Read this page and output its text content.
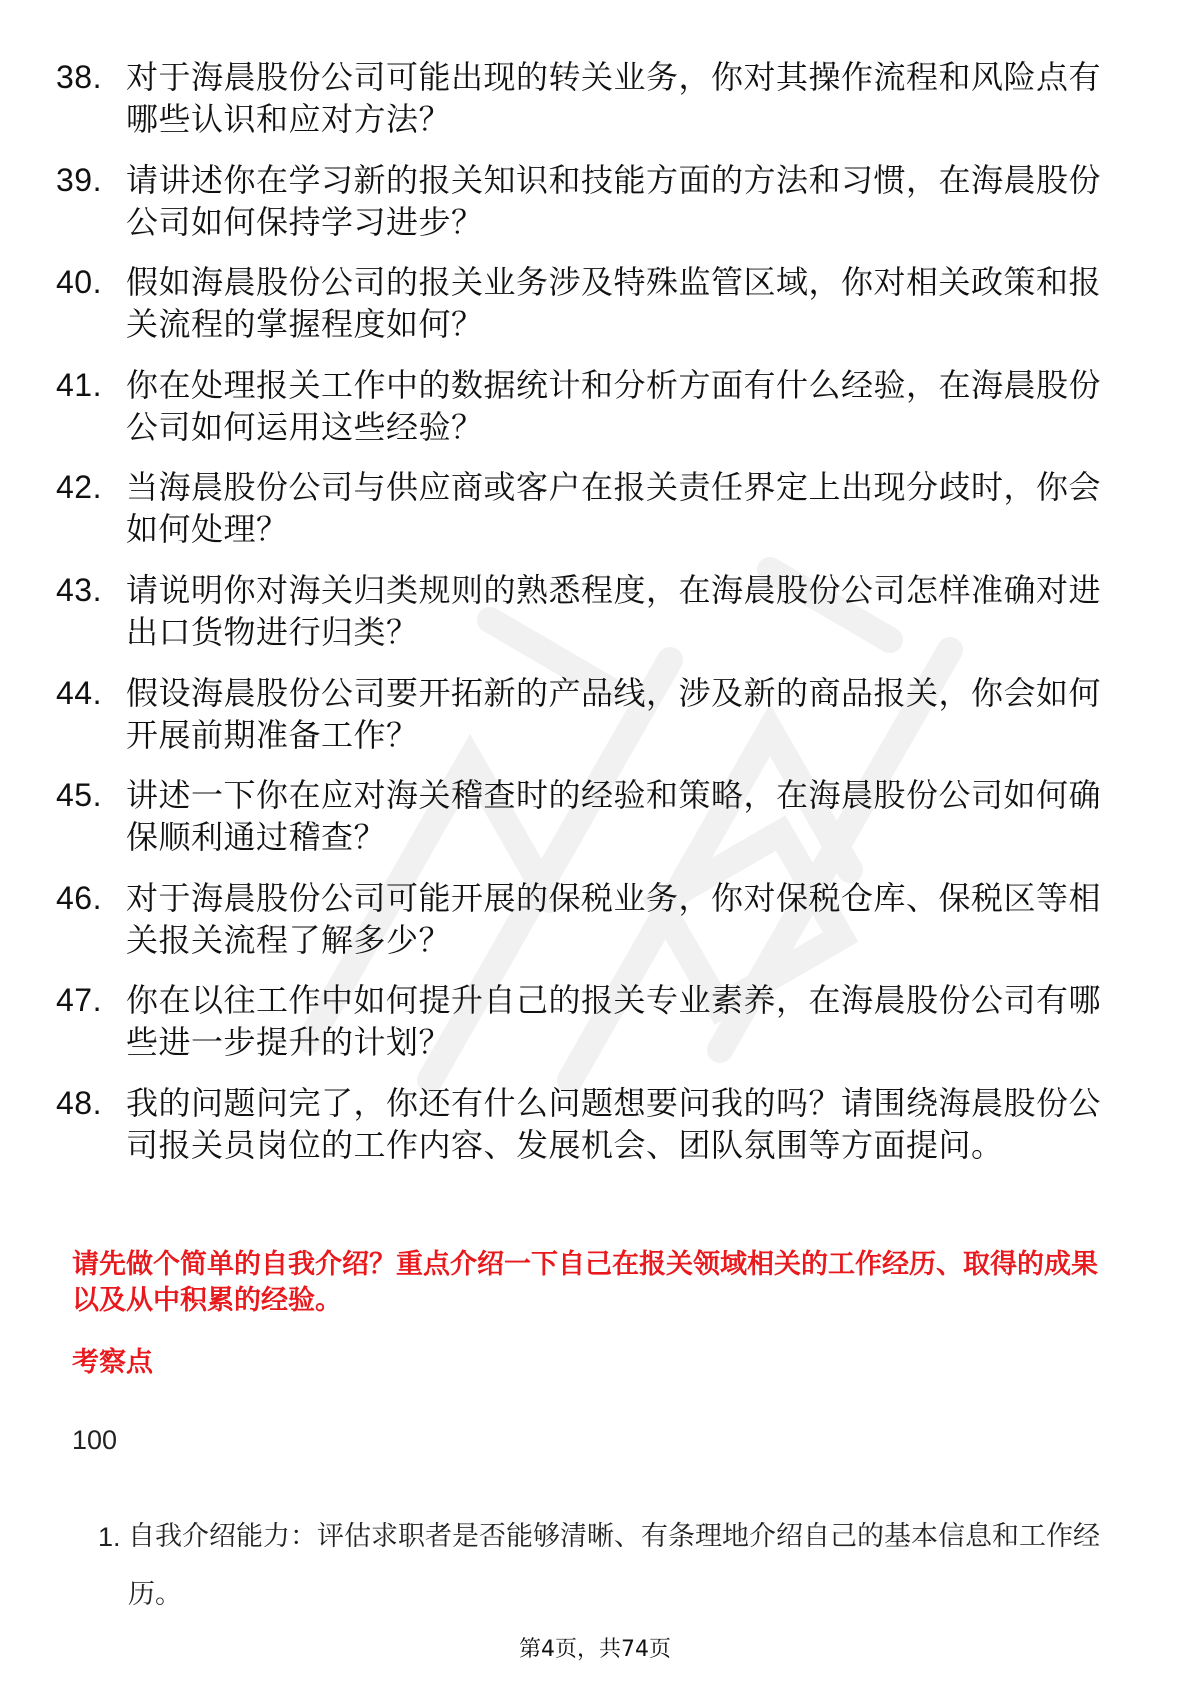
38. 对于海晨股份公司可能出现的转关业务，你对其操作流程和风险点有哪些认识和应对方法？
39. 请讲述你在学习新的报关知识和技能方面的方法和习惯，在海晨股份公司如何保持学习进步？
40. 假如海晨股份公司的报关业务涉及特殊监管区域，你对相关政策和报关流程的掌握程度如何？
41. 你在处理报关工作中的数据统计和分析方面有什么经验，在海晨股份公司如何运用这些经验？
42. 当海晨股份公司与供应商或客户在报关责任界定上出现分歧时，你会如何处理？
43. 请说明你对海关归类规则的熟悉程度，在海晨股份公司怎样准确对进出口货物进行归类？
44. 假设海晨股份公司要开拓新的产品线，涉及新的商品报关，你会如何开展前期准备工作？
45. 讲述一下你在应对海关稽查时的经验和策略，在海晨股份公司如何确保顺利通过稽查？
46. 对于海晨股份公司可能开展的保税业务，你对保税仓库、保税区等相关报关流程了解多少？
47. 你在以往工作中如何提升自己的报关专业素养，在海晨股份公司有哪些进一步提升的计划？
48. 我的问题问完了，你还有什么问题想要问我的吗？请围绕海晨股份公司报关员岗位的工作内容、发展机会、团队氛围等方面提问。

请先做个简单的自我介绍？重点介绍一下自己在报关领域相关的工作经历、取得的成果以及从中积累的经验。

考察点

100

1. 自我介绍能力：评估求职者是否能够清晰、有条理地介绍自己的基本信息和工作经历。
第4页，共74页
